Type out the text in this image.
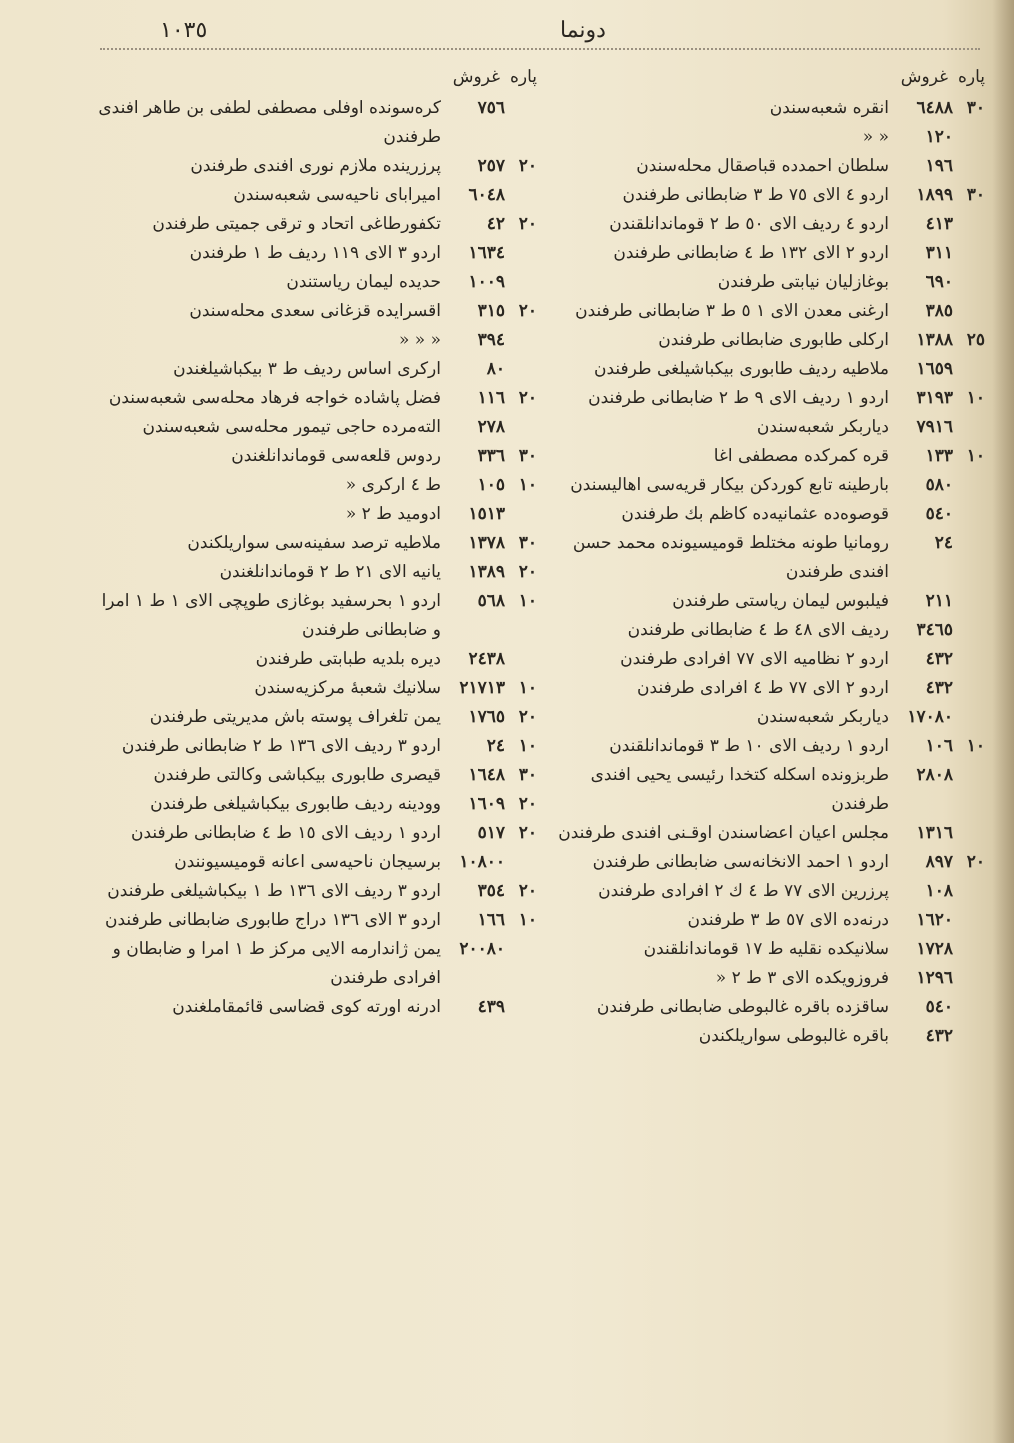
١٠٣٥	دونما
پاره
غروش
٣٠
٦٤٨٨
انقره شعبه‌سندن
١٢٠
« «
١٩٦
سلطان احمدده قباصقال محله‌سندن
٣٠
١٨٩٩
اردو ٤ الای ٧٥ ط ٣ ضابطانی طرفندن
٤١٣
اردو ٤ ردیف الای ٥٠ ط ٢ قوماندانلقندن
٣١١
اردو ٢ الای ١٣٢ ط ٤ ضابطانی طرفندن
٦٩٠
بوغازلیان نیابتی طرفندن
٣٨٥
ارغنی معدن الای ١ ٥ ط ٣ ضابطانی طرفندن
٢٥
١٣٨٨
ارکلی طابوری ضابطانی طرفندن
١٦٥٩
ملاطیه ردیف طابوری بیکباشیلغی طرفندن
١٠
٣١٩٣
اردو ١ ردیف الای ٩ ط ٢ ضابطانی طرفندن
٧٩١٦
دیاربکر شعبه‌سندن
١٠
١٣٣
قره کمرکده مصطفی اغا
٥٨٠
بارطینه تابع کوردکن بیکار قریه‌سی اهالیسندن
٥٤٠
قوصوه‌ده عثمانیه‌ده کاظم بك طرفندن
٢٤
رومانیا طونه مختلط قومیسیونده محمد حسن افندی طرفندن
٢١١
فیلبوس لیمان ریاستی طرفندن
٣٤٦٥
ردیف الای ٤٨ ط ٤ ضابطانی طرفندن
٤٣٢
اردو ٢ نظامیه الای ٧٧ افرادی طرفندن
٤٣٢
اردو ٢ الای ٧٧ ط ٤ افرادی طرفندن
١٧٠٨٠
دیاربکر شعبه‌سندن
١٠
١٠٦
اردو ١ ردیف الای ١٠ ط ٣ قوماندانلقندن
٢٨٠٨
طربزونده اسکله کتخدا رئیسی یحیی افندی طرفندن
١٣١٦
مجلس اعیان اعضاسندن اوقـنی افندی طرفندن
٢٠
٨٩٧
اردو ١ احمد الانخانه‌سی ضابطانی طرفندن
١٠٨
پرزرین الای ٧٧ ط ٤ ك ٢ افرادی طرفندن
١٦٢٠
درنه‌ده الای ٥٧ ط ٣ طرفندن
١٧٢٨
سلانیکده نقلیه ط ١٧ قوماندانلقندن
١٢٩٦
فروزویکده الای ٣ ط ٢ «
٥٤٠
ساقزده باقره غالبوطی ضابطانی طرفندن
٤٣٢
باقره غالبوطی سواریلکندن
پاره
غروش
٧٥٦
کره‌سونده اوفلی مصطفی لطفی بن طاهر افندی طرفندن
٢٠
٢٥٧
پرزرینده ملازم نوری افندی طرفندن
٦٠٤٨
امیرابای ناحیه‌سی شعبه‌سندن
٢٠
٤٢
تکفورطاغی اتحاد و ترقی جمیتی طرفندن
١٦٣٤
اردو ٣ الای ١١٩ ردیف ط ١ طرفندن
١٠٠٩
حدیده لیمان ریاستندن
٢٠
٣١٥
اقسرایده قزغانی سعدی محله‌سندن
٣٩٤
« « «
٨٠
ارکری اساس ردیف ط ٣ بیکباشیلغندن
٢٠
١١٦
فضل پاشاده خواجه فرهاد محله‌سی شعبه‌سندن
٢٧٨
الته‌مرده حاجی تیمور محله‌سی شعبه‌سندن
٣٠
٣٣٦
ردوس قلعه‌سی قوماندانلغندن
١٠
١٠٥
ط ٤ ارکری «
١٥١٣
ادومید ط ٢ «
٣٠
١٣٧٨
ملاطیه ترصد سفینه‌سی سواریلکندن
٢٠
١٣٨٩
یانیه الای ٢١ ط ٢ قوماندانلغندن
١٠
٥٦٨
اردو ١ بحرسفید بوغازی طوپچی الای ١ ط ١ امرا و ضابطانی طرفندن
٢٤٣٨
دیره بلدیه طبابتی طرفندن
١٠
٢١٧١٣
سلانیك شعبهٔ مرکزیه‌سندن
٢٠
١٧٦٥
یمن تلغراف پوسته باش مدیریتی طرفندن
١٠
٢٤
اردو ٣ ردیف الای ١٣٦ ط ٢ ضابطانی طرفندن
٣٠
١٦٤٨
قیصری طابوری بیکباشی وکالتی طرفندن
٢٠
١٦٠٩
وودینه ردیف طابوری بیکباشیلغی طرفندن
٢٠
٥١٧
اردو ١ ردیف الای ١٥ ط ٤ ضابطانی طرفندن
١٠٨٠٠
برسیجان ناحیه‌سی اعانه قومیسیونندن
٢٠
٣٥٤
اردو ٣ ردیف الای ١٣٦ ط ١ بیکباشیلغی طرفندن
١٠
١٦٦
اردو ٣ الای ١٣٦ دراج طابوری ضابطانی طرفندن
٢٠٠٨٠
یمن ژاندارمه الایی مرکز ط ١ امرا و ضابطان و افرادی طرفندن
٤٣٩
ادرنه اورته کوی قضاسی قائمقاملغندن
